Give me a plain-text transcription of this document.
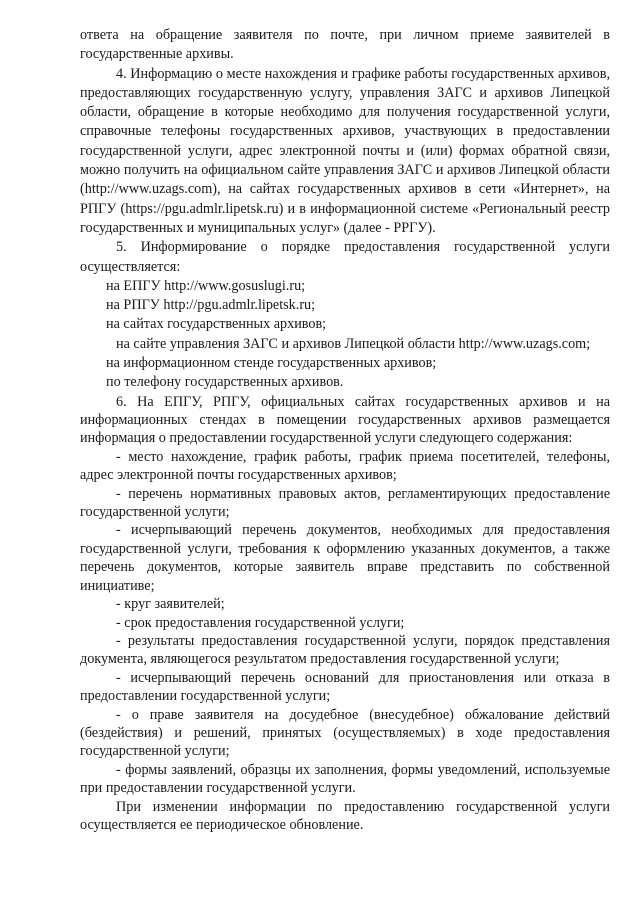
ответа на обращение заявителя по почте, при личном приеме заявителей в государственные архивы.

4. Информацию о месте нахождения и графике работы государственных архивов, предоставляющих государственную услугу, управления ЗАГС и архивов Липецкой области, обращение в которые необходимо для получения государственной услуги, справочные телефоны государственных архивов, участвующих в предоставлении государственной услуги, адрес электронной почты и (или) формах обратной связи, можно получить на официальном сайте управления ЗАГС и архивов Липецкой области (http://www.uzags.com), на сайтах государственных архивов в сети «Интернет», на РПГУ (https://pgu.admlr.lipetsk.ru) и в информационной системе «Региональный реестр государственных и муниципальных услуг» (далее - РРГУ).

5. Информирование о порядке предоставления государственной услуги осуществляется:

на ЕПГУ http://www.gosuslugi.ru;

на РПГУ http://pgu.admlr.lipetsk.ru;

на сайтах государственных архивов;

на сайте управления ЗАГС и архивов Липецкой области http://www.uzags.com;

на информационном стенде государственных архивов;

по телефону государственных архивов.

6. На ЕПГУ, РПГУ, официальных сайтах государственных архивов и на информационных стендах в помещении государственных архивов размещается информация о предоставлении государственной услуги следующего содержания:

- место нахождение, график работы, график приема посетителей, телефоны, адрес электронной почты государственных архивов;

- перечень нормативных правовых актов, регламентирующих предоставление государственной услуги;

- исчерпывающий перечень документов, необходимых для предоставления государственной услуги, требования к оформлению указанных документов, а также перечень документов, которые заявитель вправе представить по собственной инициативе;

- круг заявителей;

- срок предоставления государственной услуги;

- результаты предоставления государственной услуги, порядок представления документа, являющегося результатом предоставления государственной услуги;

- исчерпывающий перечень оснований для приостановления или отказа в предоставлении государственной услуги;

- о праве заявителя на досудебное (внесудебное) обжалование действий (бездействия) и решений, принятых (осуществляемых) в ходе предоставления государственной услуги;

- формы заявлений, образцы их заполнения, формы уведомлений, используемые при предоставлении государственной услуги.

При изменении информации по предоставлению государственной услуги осуществляется ее периодическое обновление.
